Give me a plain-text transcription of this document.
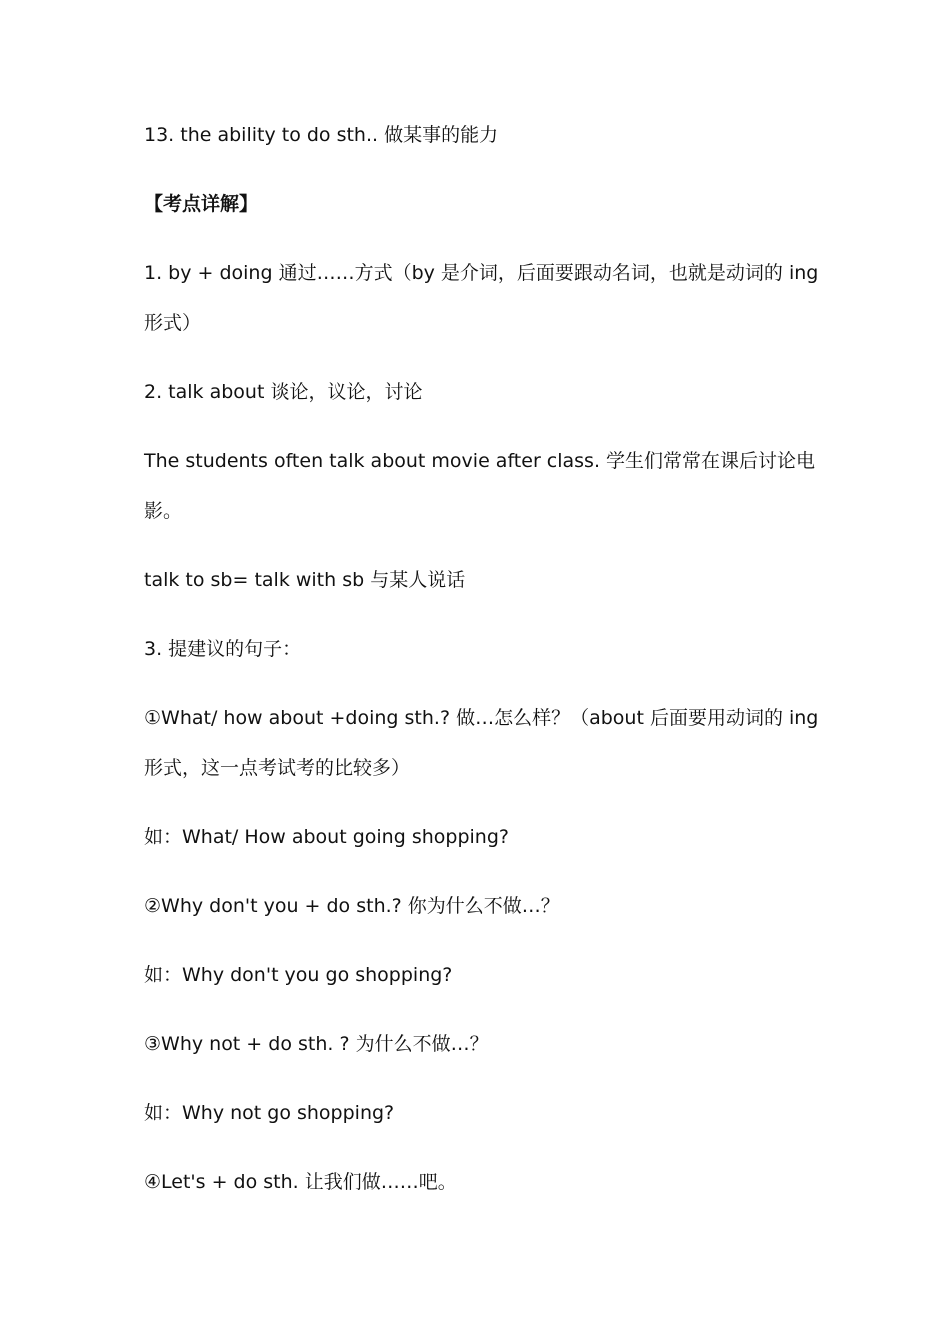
13. the ability to do sth.. 做某事的能力
【考点详解】
1. by + doing 通过……方式（by 是介词，后面要跟动名词，也就是动词的 ing
形式）
2. talk about 谈论，议论，讨论
The students often talk about movie after class. 学生们常常在课后讨论电
影。
talk to sb= talk with sb 与某人说话
3. 提建议的句子：
①What/ how about +doing sth.? 做…怎么样？（about 后面要用动词的 ing
形式，这一点考试考的比较多）
如：What/ How about going shopping?
②Why don't you + do sth.? 你为什么不做…？
如：Why don't you go shopping?
③Why not + do sth. ? 为什么不做…？
如：Why not go shopping?
④Let's + do sth. 让我们做……吧。
